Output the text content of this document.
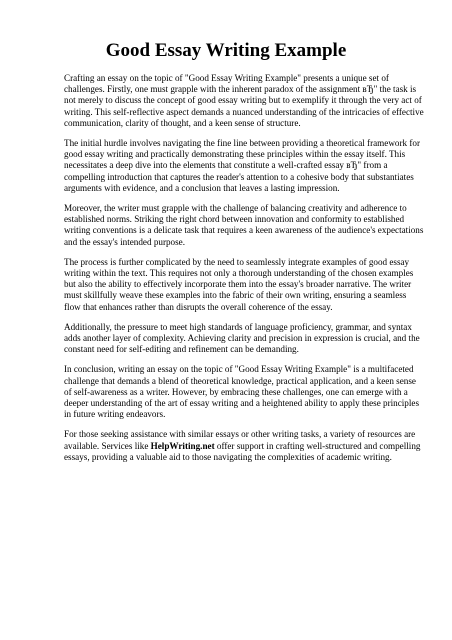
Good Essay Writing Example

Crafting an essay on the topic of "Good Essay Writing Example" presents a unique set of challenges. Firstly, one must grapple with the inherent paradox of the assignment вЂ" the task is not merely to discuss the concept of good essay writing but to exemplify it through the very act of writing. This self-reflective aspect demands a nuanced understanding of the intricacies of effective communication, clarity of thought, and a keen sense of structure.

The initial hurdle involves navigating the fine line between providing a theoretical framework for good essay writing and practically demonstrating these principles within the essay itself. This necessitates a deep dive into the elements that constitute a well-crafted essay вЂ" from a compelling introduction that captures the reader's attention to a cohesive body that substantiates arguments with evidence, and a conclusion that leaves a lasting impression.

Moreover, the writer must grapple with the challenge of balancing creativity and adherence to established norms. Striking the right chord between innovation and conformity to established writing conventions is a delicate task that requires a keen awareness of the audience's expectations and the essay's intended purpose.

The process is further complicated by the need to seamlessly integrate examples of good essay writing within the text. This requires not only a thorough understanding of the chosen examples but also the ability to effectively incorporate them into the essay's broader narrative. The writer must skillfully weave these examples into the fabric of their own writing, ensuring a seamless flow that enhances rather than disrupts the overall coherence of the essay.

Additionally, the pressure to meet high standards of language proficiency, grammar, and syntax adds another layer of complexity. Achieving clarity and precision in expression is crucial, and the constant need for self-editing and refinement can be demanding.

In conclusion, writing an essay on the topic of "Good Essay Writing Example" is a multifaceted challenge that demands a blend of theoretical knowledge, practical application, and a keen sense of self-awareness as a writer. However, by embracing these challenges, one can emerge with a deeper understanding of the art of essay writing and a heightened ability to apply these principles in future writing endeavors.

For those seeking assistance with similar essays or other writing tasks, a variety of resources are available. Services like HelpWriting.net offer support in crafting well-structured and compelling essays, providing a valuable aid to those navigating the complexities of academic writing.
